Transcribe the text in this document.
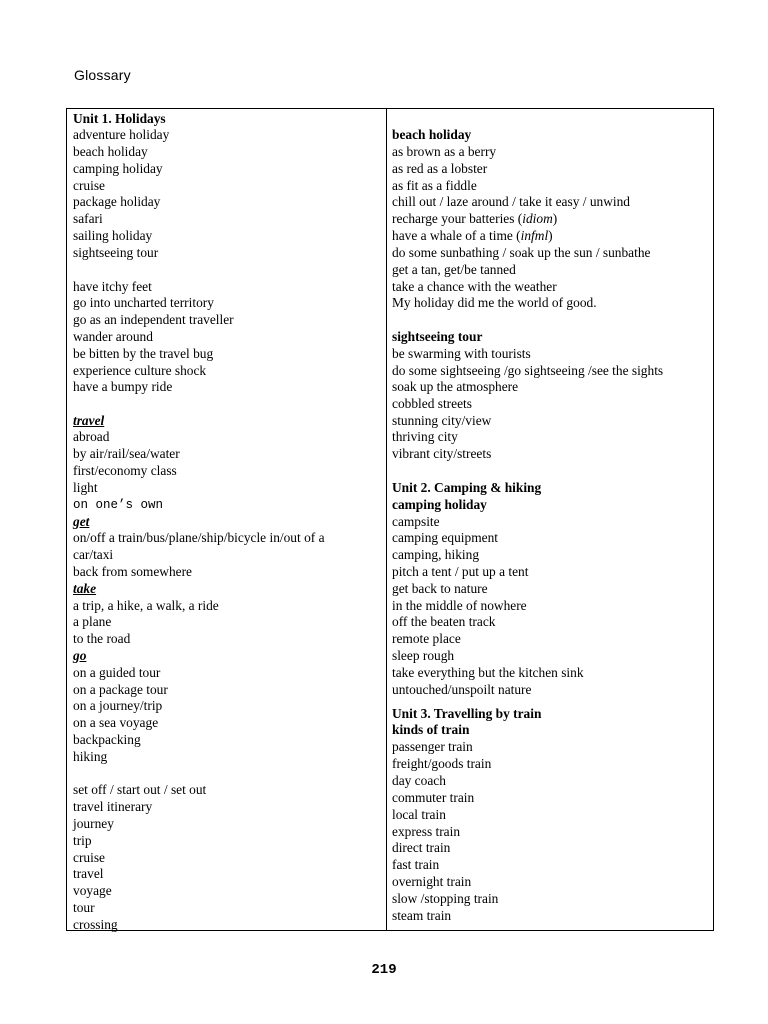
Glossary
Unit 1. Holidays
adventure holiday
beach holiday
camping holiday
cruise
package holiday
safari
sailing holiday
sightseeing tour
have itchy feet
go into uncharted territory
go as an independent traveller
wander around
be bitten by the travel bug
experience culture shock
have a bumpy ride
travel
abroad
by air/rail/sea/water
first/economy class
light
on one’s own
get
on/off a train/bus/plane/ship/bicycle in/out of a
car/taxi
back from somewhere
take
a trip, a hike, a walk, a ride
a plane
to the road
go
on a guided tour
on a package tour
on a journey/trip
on a sea voyage
backpacking
hiking
set off / start out / set out
travel itinerary
journey
trip
cruise
travel
voyage
tour
crossing
beach holiday
as brown as a berry
as red as a lobster
as fit as a fiddle
chill out / laze around / take it easy / unwind
recharge your batteries (idiom)
have a whale of a time (infml)
do some sunbathing / soak up the sun / sunbathe
get a tan, get/be tanned
take a chance with the weather
My holiday did me the world of good.
sightseeing tour
be swarming with tourists
do some sightseeing /go sightseeing /see the sights
soak up the atmosphere
cobbled streets
stunning city/view
thriving city
vibrant city/streets
Unit 2. Camping & hiking
camping holiday
campsite
camping equipment
camping, hiking
pitch a tent / put up a tent
get back to nature
in the middle of nowhere
off the beaten track
remote place
sleep rough
take everything but the kitchen sink
untouched/unspoilt nature
Unit 3. Travelling by train
kinds of train
passenger train
freight/goods train
day coach
commuter train
local train
express train
direct train
fast train
overnight train
slow /stopping train
steam train
219
